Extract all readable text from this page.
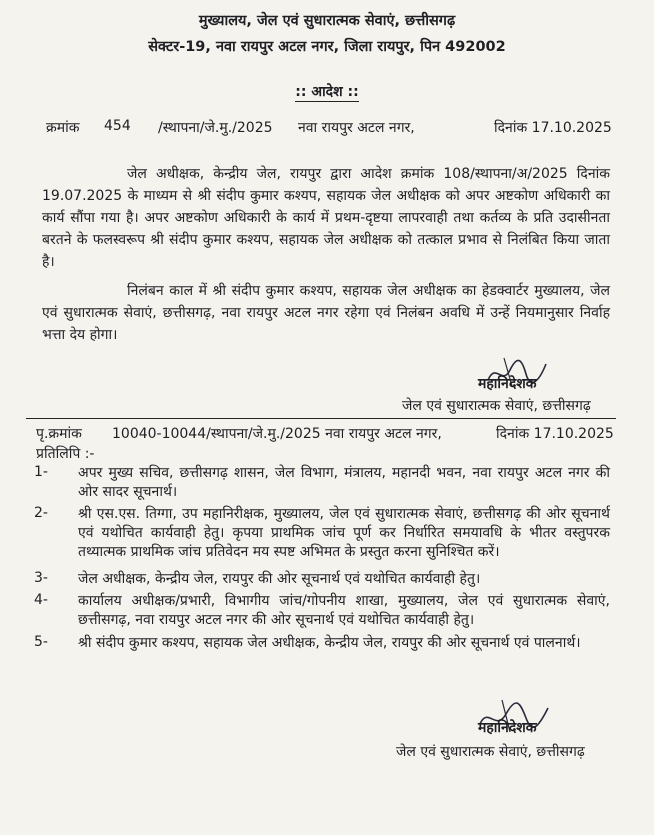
मुख्यालय, जेल एवं सुधारात्मक सेवाएं, छत्तीसगढ़
सेक्टर-19, नवा रायपुर अटल नगर, जिला रायपुर, पिन 492002
:: आदेश ::
क्रमांक 454 /स्थापना/जे.मु./2025 नवा रायपुर अटल नगर,	दिनांक 17.10.2025
जेल अधीक्षक, केन्द्रीय जेल, रायपुर द्वारा आदेश क्रमांक 108/स्थापना/अ/2025 दिनांक 19.07.2025 के माध्यम से श्री संदीप कुमार कश्यप, सहायक जेल अधीक्षक को अपर अष्टकोण अधिकारी का कार्य सौंपा गया है। अपर अष्टकोण अधिकारी के कार्य में प्रथम-दृष्टया लापरवाही तथा कर्तव्य के प्रति उदासीनता बरतने के फलस्वरूप श्री संदीप कुमार कश्यप, सहायक जेल अधीक्षक को तत्काल प्रभाव से निलंबित किया जाता है।
निलंबन काल में श्री संदीप कुमार कश्यप, सहायक जेल अधीक्षक का हेडक्वार्टर मुख्यालय, जेल एवं सुधारात्मक सेवाएं, छत्तीसगढ़, नवा रायपुर अटल नगर रहेगा एवं निलंबन अवधि में उन्हें नियमानुसार निर्वाह भत्ता देय होगा।
महानिदेशक
जेल एवं सुधारात्मक सेवाएं, छत्तीसगढ़
पृ.क्रमांक 10040-10044/स्थापना/जे.मु./2025 नवा रायपुर अटल नगर,	दिनांक 17.10.2025
प्रतिलिपि :-
1- अपर मुख्य सचिव, छत्तीसगढ़ शासन, जेल विभाग, मंत्रालय, महानदी भवन, नवा रायपुर अटल नगर की ओर सादर सूचनार्थ।
2- श्री एस.एस. तिग्गा, उप महानिरीक्षक, मुख्यालय, जेल एवं सुधारात्मक सेवाएं, छत्तीसगढ़ की ओर सूचनार्थ एवं यथोचित कार्यवाही हेतु। कृपया प्राथमिक जांच पूर्ण कर निर्धारित समयावधि के भीतर वस्तुपरक तथ्यात्मक प्राथमिक जांच प्रतिवेदन मय स्पष्ट अभिमत के प्रस्तुत करना सुनिश्चित करें।
3- जेल अधीक्षक, केन्द्रीय जेल, रायपुर की ओर सूचनार्थ एवं यथोचित कार्यवाही हेतु।
4- कार्यालय अधीक्षक/प्रभारी, विभागीय जांच/गोपनीय शाखा, मुख्यालय, जेल एवं सुधारात्मक सेवाएं, छत्तीसगढ़, नवा रायपुर अटल नगर की ओर सूचनार्थ एवं यथोचित कार्यवाही हेतु।
5- श्री संदीप कुमार कश्यप, सहायक जेल अधीक्षक, केन्द्रीय जेल, रायपुर की ओर सूचनार्थ एवं पालनार्थ।
महानिदेशक
जेल एवं सुधारात्मक सेवाएं, छत्तीसगढ़
